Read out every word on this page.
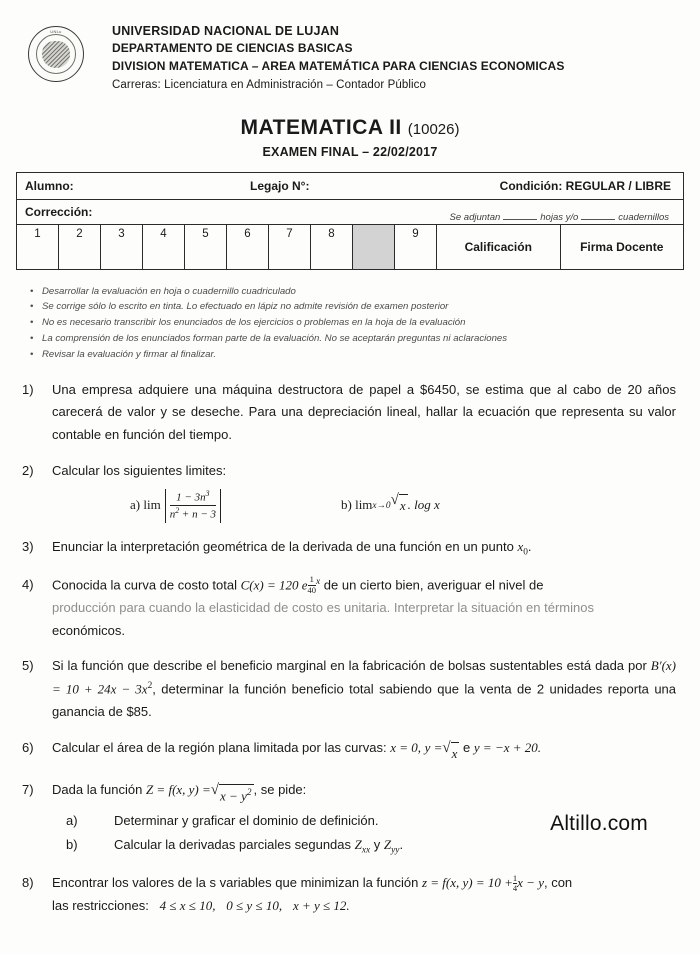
UNLu	UNIVERSIDAD NACIONAL DE LUJAN
DEPARTAMENTO DE CIENCIAS BASICAS
DIVISION MATEMATICA – AREA MATEMÁTICA PARA CIENCIAS ECONOMICAS
Carreras: Licenciatura en Administración – Contador Público
MATEMATICA II (10026)
EXAMEN FINAL – 22/02/2017
Alumno:	Legajo N°:	Condición: REGULAR / LIBRE
Corrección:	Se adjuntan	hojas y/o	cuadernillos
1	2	3	4	5	6	7	8	9
Calificación	Firma Docente
• Desarrollar la evaluación en hoja o cuadernillo cuadriculado
• Se corrige sólo lo escrito en tinta. Lo efectuado en lápiz no admite revisión de examen posterior
• No es necesario transcribir los enunciados de los ejercicios o problemas en la hoja de la evaluación
• La comprensión de los enunciados forman parte de la evaluación. No se aceptarán preguntas ni aclaraciones
• Revisar la evaluación y firmar al finalizar.
1)	Una empresa adquiere una máquina destructora de papel a $6450, se estima que al cabo de 20 años carecerá de valor y se deseche. Para una depreciación lineal, hallar la ecuación que representa su valor contable en función del tiempo.
2)	Calcular los siguientes limites:
a) $\lim \frac{1 - 3n^3}{n^2 + n - 3}$	b) lim x→0 √ x . log x
3)	Enunciar la interpretación geométrica de la derivada de una función en un punto $x_0$.
4)	Conocida la curva de costo total C(x) = 120 e $\frac{1}{40} ^x$ de un cierto bien, averiguar el nivel de
producción para cuando la elasticidad de costo es unitaria. Interpretar la situación en términos
económicos.
5)	Si la función que describe el beneficio marginal en la fabricación de bolsas sustentables está dada por $B'(x) = 10 + 24x - 3x^2$, determinar la función beneficio total sabiendo que la venta de 2 unidades reporta una ganancia de $85.
6)	Calcular el área de la región plana limitada por las curvas: x = 0, y = √ x e y = −x + 20.
7)	Dada la función Z = f(x, y) = √ $x - y^2$ , se pide:
a)	Determinar y graficar el dominio de definición.
b)	Calcular la derivadas parciales segundas $Z_{xx}$ y $Z_{yy}$.
8)	Encontrar los valores de la s variables que minimizan la función z = f(x, $y) = 10 + \frac{1}{4}$ x − y, con
las restricciones: 4 ≤ x ≤ 10, 0 ≤ y ≤ 10, x + y ≤ 12.
Altillo.com
